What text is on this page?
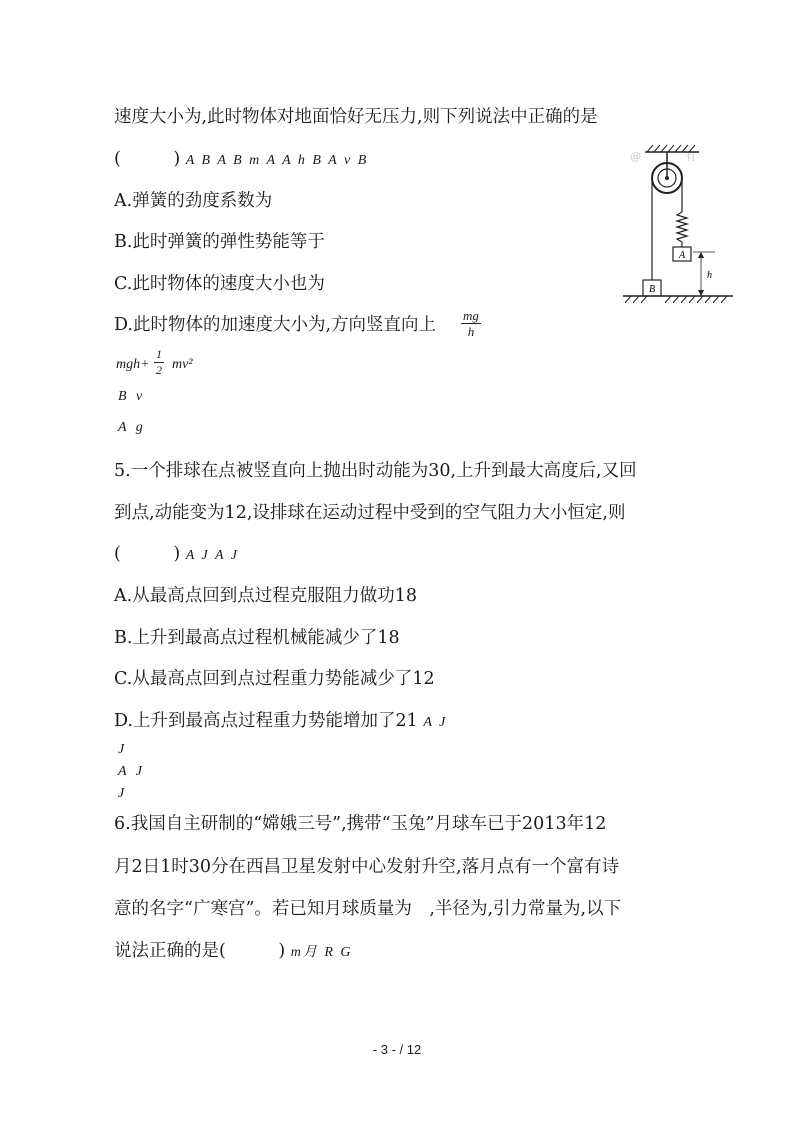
速度大小为,此时物体对地面恰好无压力,则下列说法中正确的是
(　　　) A B A B m A A h B A v B
A.弹簧的劲度系数为
B.此时弹簧的弹性势能等于
C.此时物体的速度大小也为
D.此时物体的加速度大小为,方向竖直向上 $\frac{mg}{h}$
$mgh+ \frac{1}{2} mv^2$
B v
A g
@　　　　有
A
h
B
5.一个排球在点被竖直向上抛出时动能为30,上升到最大高度后,又回
到点,动能变为12,设排球在运动过程中受到的空气阻力大小恒定,则
(　　　) A J A J
A.从最高点回到点过程克服阻力做功18
B.上升到最高点过程机械能减少了18
C.从最高点回到点过程重力势能减少了12
D.上升到最高点过程重力势能增加了21 A J
J
A J
J
6.我国自主研制的“嫦娥三号”,携带“玉兔”月球车已于2013年12
月2日1时30分在西昌卫星发射中心发射升空,落月点有一个富有诗
意的名字“广寒宫”。若已知月球质量为　,半径为,引力常量为,以下
说法正确的是(　　　) m月 R G
- 3 - / 12
